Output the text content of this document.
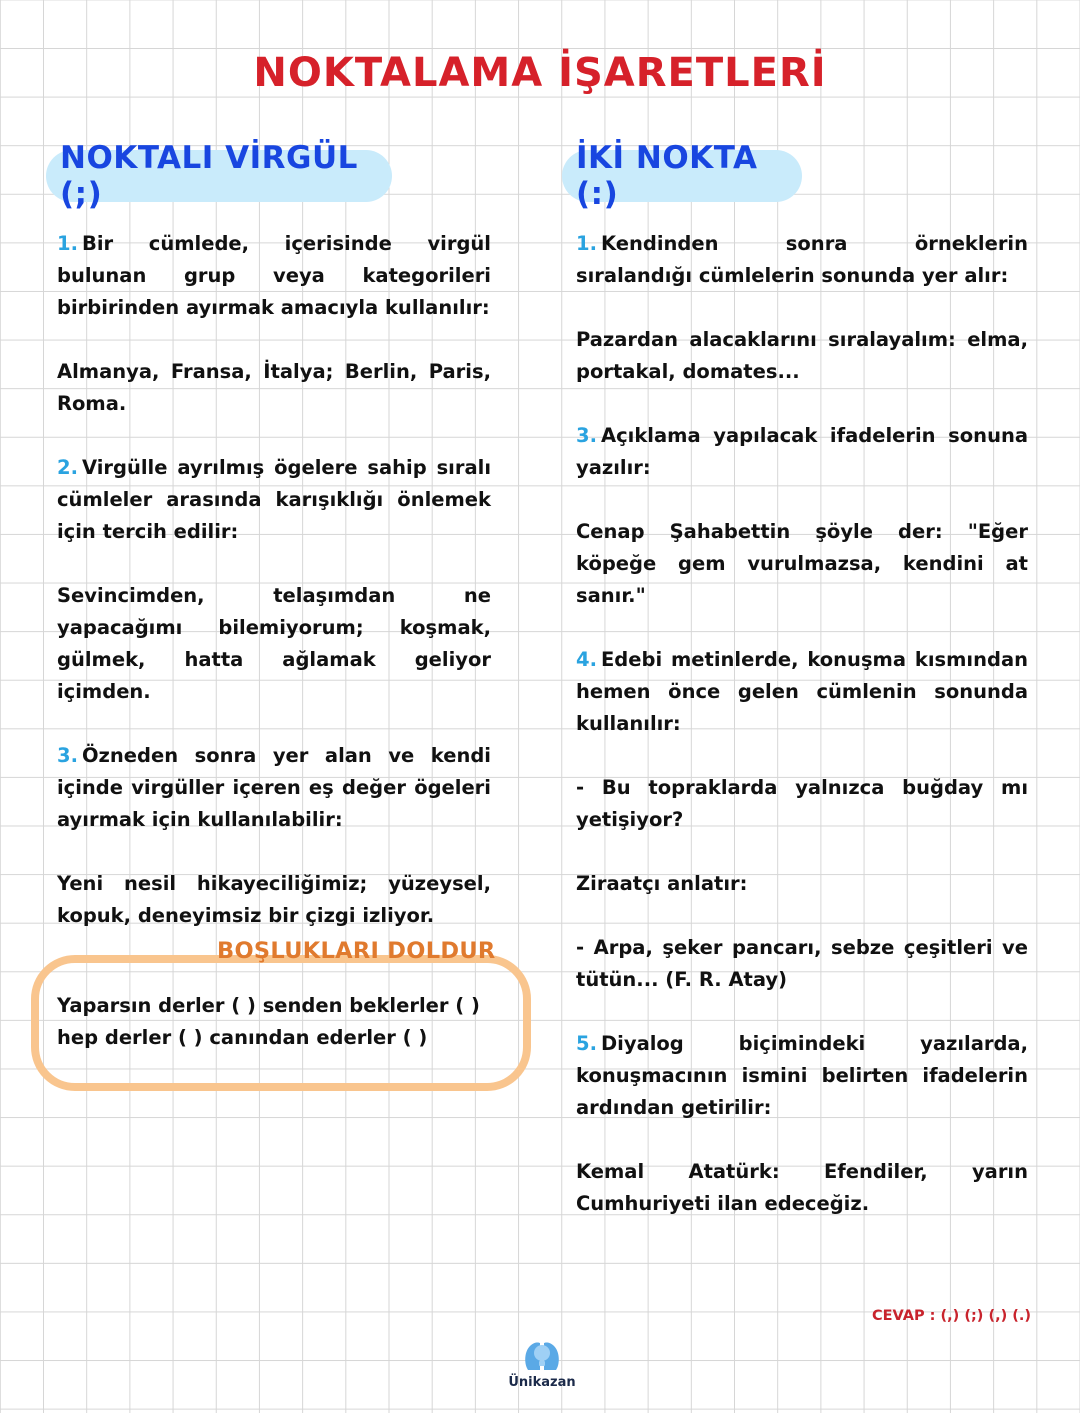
NOKTALAMA İŞARETLERİ
NOKTALI VİRGÜL (;)
İKİ NOKTA (:)

1. Bir cümlede, içerisinde virgül bulunan grup veya kategorileri birbirinden ayırmak amacıyla kullanılır:

Almanya, Fransa, İtalya; Berlin, Paris, Roma.

2. Virgülle ayrılmış ögelere sahip sıralı cümleler arasında karışıklığı önlemek için tercih edilir:

Sevincimden, telaşımdan ne yapacağımı bilemiyorum; koşmak, gülmek, hatta ağlamak geliyor içimden.

3. Özneden sonra yer alan ve kendi içinde virgüller içeren eş değer ögeleri ayırmak için kullanılabilir:

Yeni nesil hikayeciliğimiz; yüzeysel, kopuk, deneyimsiz bir çizgi izliyor.

1. Kendinden sonra örneklerin sıralandığı cümlelerin sonunda yer alır:

Pazardan alacaklarını sıralayalım: elma, portakal, domates...

3. Açıklama yapılacak ifadelerin sonuna yazılır:

Cenap Şahabettin şöyle der: "Eğer köpeğe gem vurulmazsa, kendini at sanır."

4. Edebi metinlerde, konuşma kısmından hemen önce gelen cümlenin sonunda kullanılır:

- Bu topraklarda yalnızca buğday mı yetişiyor?

Ziraatçı anlatır:

- Arpa, şeker pancarı, sebze çeşitleri ve tütün... (F. R. Atay)

5. Diyalog biçimindeki yazılarda, konuşmacının ismini belirten ifadelerin ardından getirilir:

Kemal Atatürk: Efendiler, yarın Cumhuriyeti ilan edeceğiz.

BOŞLUKLARI DOLDUR
Yaparsın derler ( ) senden beklerler ( )
hep derler ( ) canından ederler ( )
CEVAP : (,) (;) (,) (.)
Ünikazan
